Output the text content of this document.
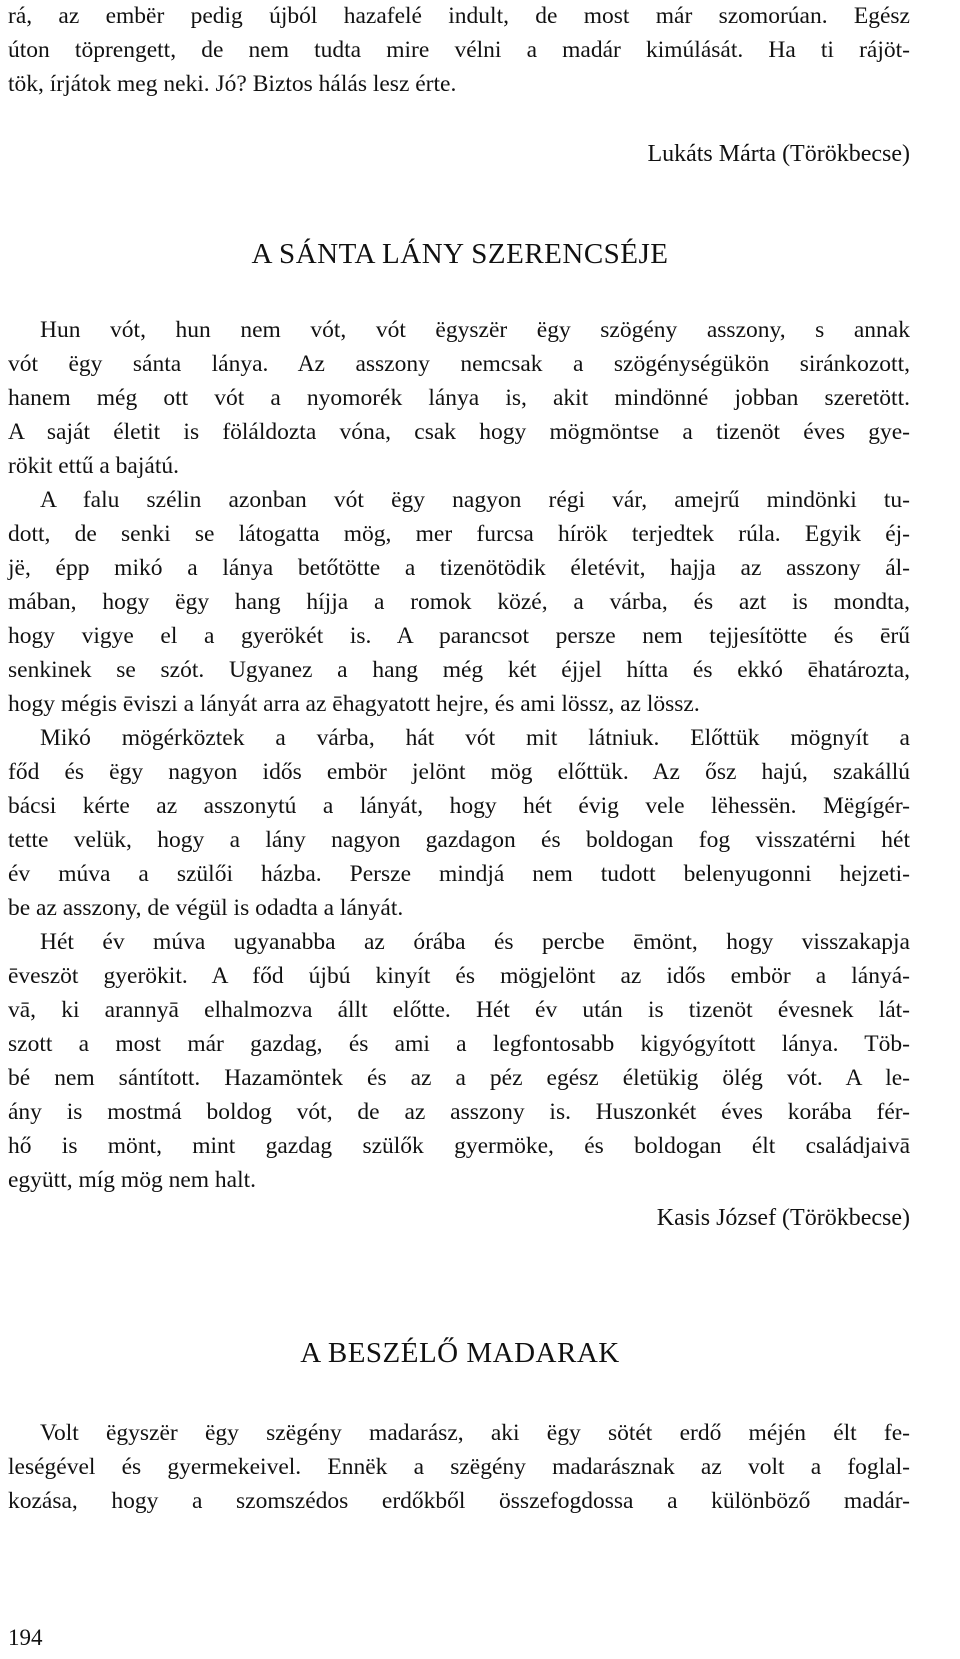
rá, az embër pedig újból hazafelé indult, de most már szomorúan. Egész
úton töprengett, de nem tudta mire vélni a madár kimúlását. Ha ti rájöt-
tök, írjátok meg neki. Jó? Biztos hálás lesz érte.
Lukáts Márta (Törökbecse)
A SÁNTA LÁNY SZERENCSÉJE
Hun vót, hun nem vót, vót ëgyszër ëgy szögény asszony, s annak
vót ëgy sánta lánya. Az asszony nemcsak a szögénységükön siránkozott,
hanem még ott vót a nyomorék lánya is, akit mindönné jobban szeretött.
A saját életit is föláldozta vóna, csak hogy mögmöntse a tizenöt éves gye-
rökit ettű a bajátú.
A falu szélin azonban vót ëgy nagyon régi vár, amejrű mindönki tu-
dott, de senki se látogatta mög, mer furcsa hírök terjedtek rúla. Egyik éj-
jë, épp mikó a lánya betőtötte a tizenötödik életévit, hajja az asszony ál-
mában, hogy ëgy hang híjja a romok közé, a várba, és azt is mondta,
hogy vigye el a gyerökét is. A parancsot persze nem tejjesítötte és ērű
senkinek se szót. Ugyanez a hang még két éjjel hítta és ekkó ēhatározta,
hogy mégis ēviszi a lányát arra az ēhagyatott hejre, és ami lössz, az lössz.
Mikó mögérköztek a várba, hát vót mit látniuk. Előttük mögnyít a
főd és ëgy nagyon idős embör jelönt mög előttük. Az ősz hajú, szakállú
bácsi kérte az asszonytú a lányát, hogy hét évig vele lëhessën. Mëgígér-
tette velük, hogy a lány nagyon gazdagon és boldogan fog visszatérni hét
év múva a szülői házba. Persze mindjá nem tudott belenyugonni hejzeti-
be az asszony, de végül is odadta a lányát.
Hét év múva ugyanabba az órába és percbe ēmönt, hogy visszakapja
ēveszöt gyerökit. A főd újbú kinyít és mögjelönt az idős embör a lányá-
vā, ki arannyā elhalmozva állt előtte. Hét év után is tizenöt évesnek lát-
szott a most már gazdag, és ami a legfontosabb kigyógyított lánya. Töb-
bé nem sántított. Hazamöntek és az a péz egész életükig ölég vót. A le-
ány is mostmá boldog vót, de az asszony is. Huszonkét éves korába fér-
hő is mönt, mint gazdag szülők gyermöke, és boldogan élt családjaivā
együtt, míg mög nem halt.
Kasis József (Törökbecse)
A BESZÉLŐ MADARAK
Volt ëgyszër ëgy szëgény madarász, aki ëgy sötét erdő méjén élt fe-
leségével és gyermekeivel. Ennëk a szëgény madarásznak az volt a foglal-
kozása, hogy a szomszédos erdőkből összefogdossa a különböző madár-
194
